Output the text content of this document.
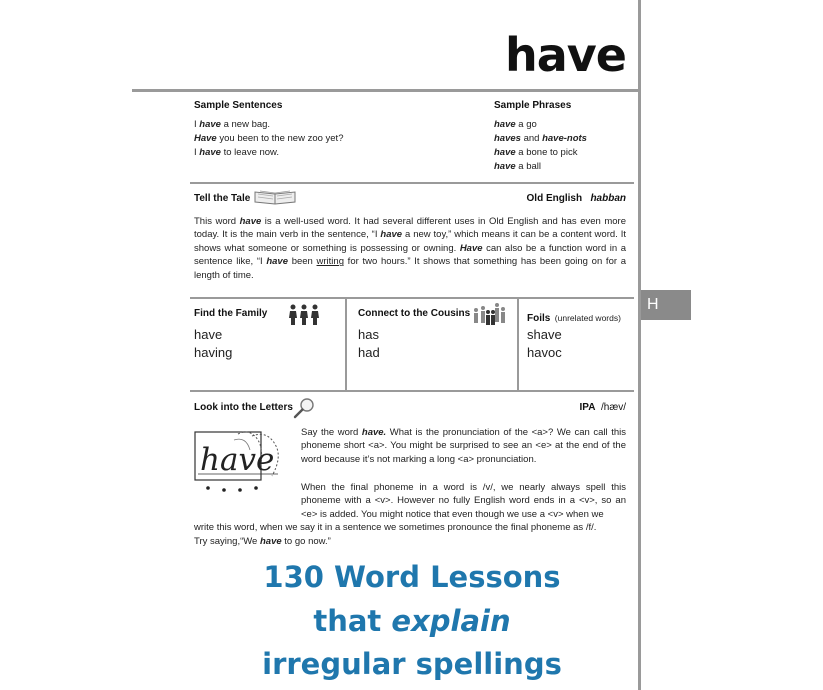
H
have
Sample Sentences
I have a new bag.
Have you been to the new zoo yet?
I have to leave now.
Sample Phrases
have a go
haves and have-nots
have a bone to pick
have a ball
Tell the Tale	Old English habban
This word have is a well-used word. It had several different uses in Old English and has even more today. It is the main verb in the sentence, “I have a new toy,” which means it can be a content word. It shows what someone or something is possessing or owning. Have can also be a function word in a sentence like, “I have been writing for two hours.” It shows that something has been going on for a length of time.
Find the Family
have
having
Connect to the Cousins
has
had
Foils (unrelated words)
shave
havoc
Look into the Letters	IPA /hæv/
have
Say the word have. What is the pronunciation of the <a>? We can call this phoneme short <a>. You might be surprised to see an <e> at the end of the word because it’s not marking a long <a> pronunciation.
When the final phoneme in a word is /v/, we nearly always spell this phoneme with a <v>. However no fully English word ends in a <v>, so an <e> is added. You might notice that even though we use a <v> when we
write this word, when we say it in a sentence we sometimes pronounce the final phoneme as /f/.
Try saying,“We have to go now.”
130 Word Lessons
that explain
irregular spellings
